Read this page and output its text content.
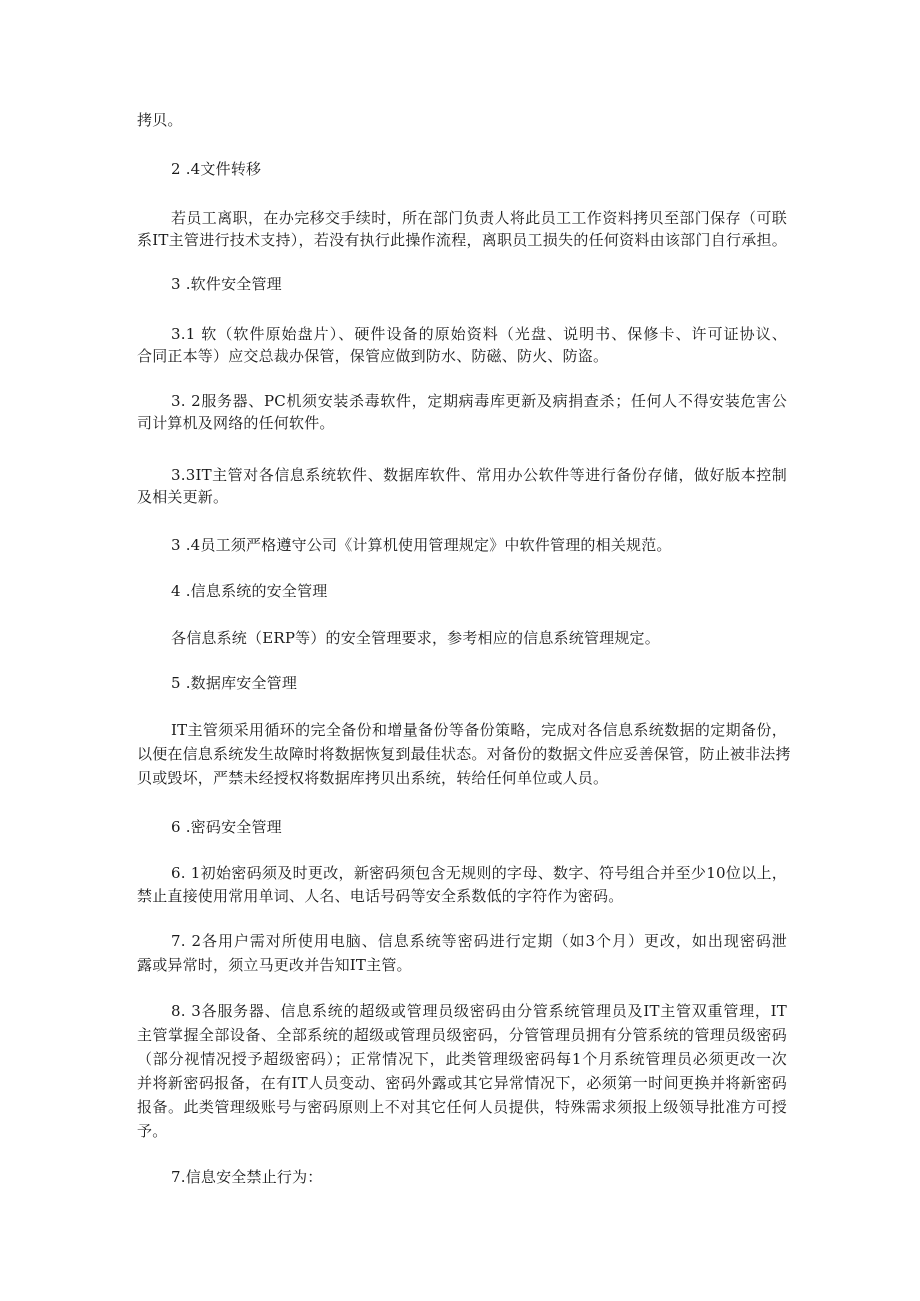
拷贝。
2 .4文件转移
若员工离职，在办完移交手续时，所在部门负责人将此员工工作资料拷贝至部门保存（可联
系IT主管进行技术支持），若没有执行此操作流程，离职员工损失的任何资料由该部门自行承担。
3 .软件安全管理
3.1 软（软件原始盘片）、硬件设备的原始资料（光盘、说明书、保修卡、许可证协议、
合同正本等）应交总裁办保管，保管应做到防水、防磁、防火、防盗。
3. 2服务器、PC机须安装杀毒软件，定期病毒库更新及病捐查杀；任何人不得安装危害公
司计算机及网络的任何软件。
3.3IT主管对各信息系统软件、数据库软件、常用办公软件等进行备份存储，做好版本控制
及相关更新。
3 .4员工须严格遵守公司《计算机使用管理规定》中软件管理的相关规范。
4 .信息系统的安全管理
各信息系统（ERP等）的安全管理要求，参考相应的信息系统管理规定。
5 .数据库安全管理
IT主管须采用循环的完全备份和增量备份等备份策略，完成对各信息系统数据的定期备份，
以便在信息系统发生故障时将数据恢复到最佳状态。对备份的数据文件应妥善保管，防止被非法拷
贝或毁坏，严禁未经授权将数据库拷贝出系统，转给任何单位或人员。
6 .密码安全管理
6. 1初始密码须及时更改，新密码须包含无规则的字母、数字、符号组合并至少10位以上，
禁止直接使用常用单词、人名、电话号码等安全系数低的字符作为密码。
7. 2各用户需对所使用电脑、信息系统等密码进行定期（如3个月）更改，如出现密码泄
露或异常时，须立马更改并告知IT主管。
8. 3各服务器、信息系统的超级或管理员级密码由分管系统管理员及IT主管双重管理，IT
主管掌握全部设备、全部系统的超级或管理员级密码，分管管理员拥有分管系统的管理员级密码
（部分视情况授予超级密码）；正常情况下，此类管理级密码每1个月系统管理员必须更改一次
并将新密码报备，在有IT人员变动、密码外露或其它异常情况下，必须第一时间更换并将新密码
报备。此类管理级账号与密码原则上不对其它任何人员提供，特殊需求须报上级领导批准方可授
予。
7.信息安全禁止行为：
